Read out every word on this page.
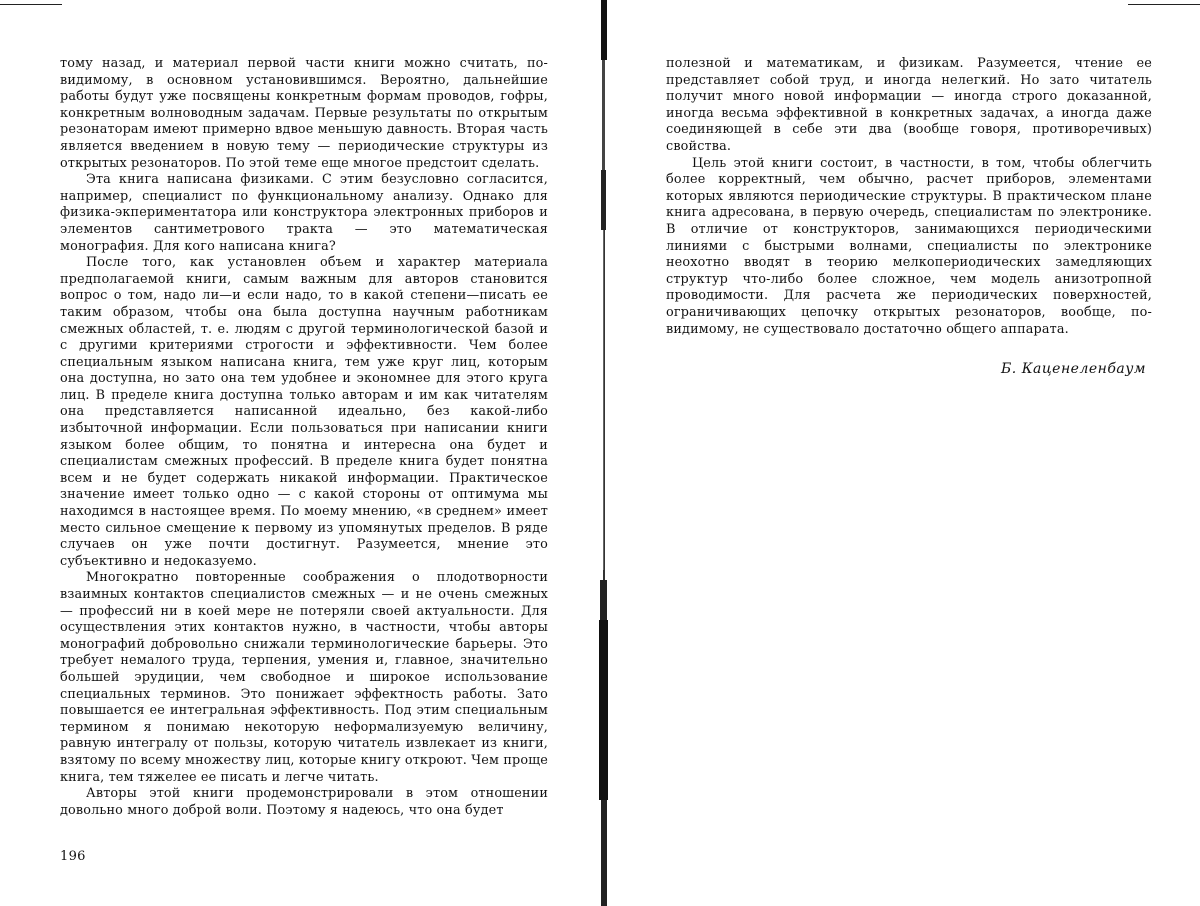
тому назад, и материал первой части книги можно считать, по-видимому, в основном установившимся. Вероятно, дальнейшие работы будут уже посвящены конкретным формам проводов, гофры, конкретным волноводным задачам. Первые результаты по открытым резонаторам имеют примерно вдвое меньшую давность. Вторая часть является введением в новую тему — периодические структуры из открытых резонаторов. По этой теме еще многое предстоит сделать.

Эта книга написана физиками. С этим безусловно согласится, например, специалист по функциональному анализу. Однако для физика-экпериментатора или конструктора электронных приборов и элементов сантиметрового тракта — это математическая монография. Для кого написана книга?

После того, как установлен объем и характер материала предполагаемой книги, самым важным для авторов становится вопрос о том, надо ли—и если надо, то в какой степени—писать ее таким образом, чтобы она была доступна научным работникам смежных областей, т. е. людям с другой терминологической базой и с другими критериями строгости и эффективности. Чем более специальным языком написана книга, тем уже круг лиц, которым она доступна, но зато она тем удобнее и экономнее для этого круга лиц. В пределе книга доступна только авторам и им как читателям она представляется написанной идеально, без какой-либо избыточной информации. Если пользоваться при написании книги языком более общим, то понятна и интересна она будет и специалистам смежных профессий. В пределе книга будет понятна всем и не будет содержать никакой информации. Практическое значение имеет только одно — с какой стороны от оптимума мы находимся в настоящее время. По моему мнению, «в среднем» имеет место сильное смещение к первому из упомянутых пределов. В ряде случаев он уже почти достигнут. Разумеется, мнение это субъективно и недоказуемо.

Многократно повторенные соображения о плодотворности взаимных контактов специалистов смежных — и не очень смежных — профессий ни в коей мере не потеряли своей актуальности. Для осуществления этих контактов нужно, в частности, чтобы авторы монографий добровольно снижали терминологические барьеры. Это требует немалого труда, терпения, умения и, главное, значительно большей эрудиции, чем свободное и широкое использование специальных терминов. Это понижает эффектность работы. Зато повышается ее интегральная эффективность. Под этим специальным термином я понимаю некоторую неформализуемую величину, равную интегралу от пользы, которую читатель извлекает из книги, взятому по всему множеству лиц, которые книгу откроют. Чем проще книга, тем тяжелее ее писать и легче читать.

Авторы этой книги продемонстрировали в этом отношении довольно много доброй воли. Поэтому я надеюсь, что она будет

196

полезной и математикам, и физикам. Разумеется, чтение ее представляет собой труд, и иногда нелегкий. Но зато читатель получит много новой информации — иногда строго доказанной, иногда весьма эффективной в конкретных задачах, а иногда даже соединяющей в себе эти два (вообще говоря, противоречивых) свойства.

Цель этой книги состоит, в частности, в том, чтобы облегчить более корректный, чем обычно, расчет приборов, элементами которых являются периодические структуры. В практическом плане книга адресована, в первую очередь, специалистам по электронике. В отличие от конструкторов, занимающихся периодическими линиями с быстрыми волнами, специалисты по электронике неохотно вводят в теорию мелкопериодических замедляющих структур что-либо более сложное, чем модель анизотропной проводимости. Для расчета же периодических поверхностей, ограничивающих цепочку открытых резонаторов, вообще, по-видимому, не существовало достаточно общего аппарата.

Б. Каценеленбаум
